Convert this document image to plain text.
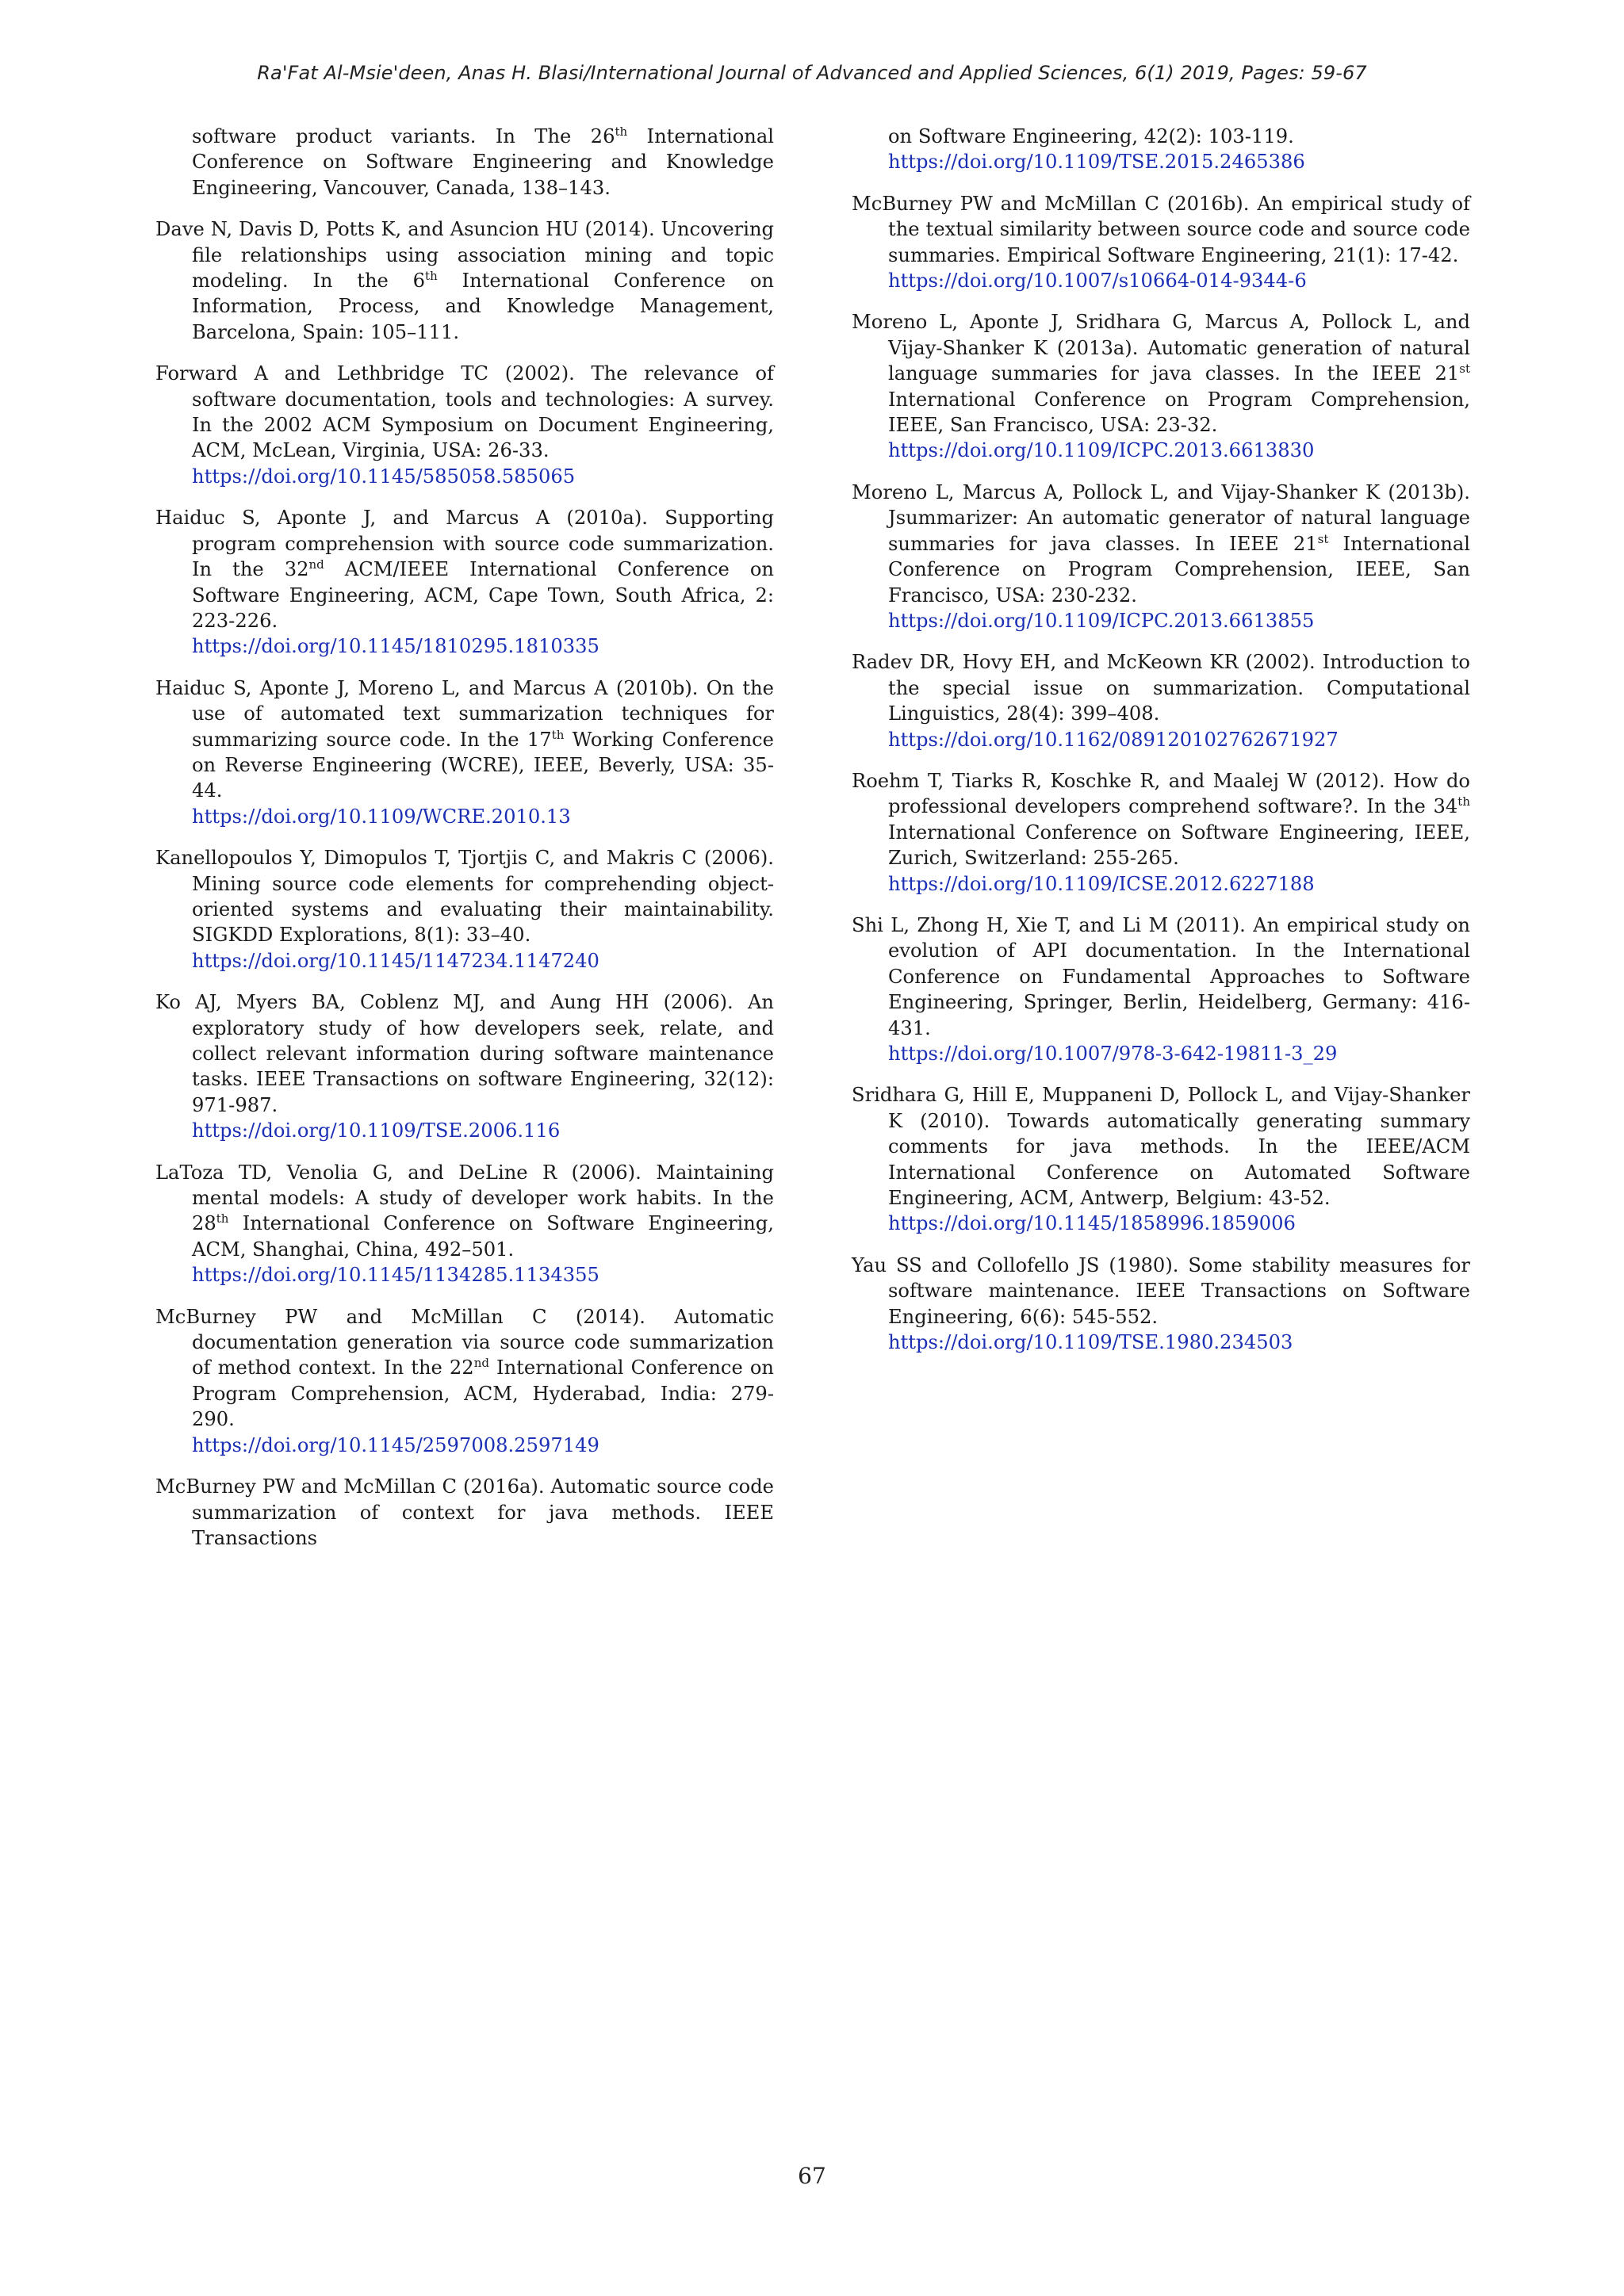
Ra'Fat Al-Msie'deen, Anas H. Blasi/International Journal of Advanced and Applied Sciences, 6(1) 2019, Pages: 59-67

software product variants. In The 26th International Conference on Software Engineering and Knowledge Engineering, Vancouver, Canada, 138–143.

Dave N, Davis D, Potts K, and Asuncion HU (2014). Uncovering file relationships using association mining and topic modeling. In the 6th International Conference on Information, Process, and Knowledge Management, Barcelona, Spain: 105–111.

Forward A and Lethbridge TC (2002). The relevance of software documentation, tools and technologies: A survey. In the 2002 ACM Symposium on Document Engineering, ACM, McLean, Virginia, USA: 26-33.
https://doi.org/10.1145/585058.585065

Haiduc S, Aponte J, and Marcus A (2010a). Supporting program comprehension with source code summarization. In the 32nd ACM/IEEE International Conference on Software Engineering, ACM, Cape Town, South Africa, 2: 223-226.
https://doi.org/10.1145/1810295.1810335

Haiduc S, Aponte J, Moreno L, and Marcus A (2010b). On the use of automated text summarization techniques for summarizing source code. In the 17th Working Conference on Reverse Engineering (WCRE), IEEE, Beverly, USA: 35-44.
https://doi.org/10.1109/WCRE.2010.13

Kanellopoulos Y, Dimopulos T, Tjortjis C, and Makris C (2006). Mining source code elements for comprehending object-oriented systems and evaluating their maintainability. SIGKDD Explorations, 8(1): 33–40.
https://doi.org/10.1145/1147234.1147240

Ko AJ, Myers BA, Coblenz MJ, and Aung HH (2006). An exploratory study of how developers seek, relate, and collect relevant information during software maintenance tasks. IEEE Transactions on software Engineering, 32(12): 971-987.
https://doi.org/10.1109/TSE.2006.116

LaToza TD, Venolia G, and DeLine R (2006). Maintaining mental models: A study of developer work habits. In the 28th International Conference on Software Engineering, ACM, Shanghai, China, 492–501.
https://doi.org/10.1145/1134285.1134355

McBurney PW and McMillan C (2014). Automatic documentation generation via source code summarization of method context. In the 22nd International Conference on Program Comprehension, ACM, Hyderabad, India: 279-290.
https://doi.org/10.1145/2597008.2597149

McBurney PW and McMillan C (2016a). Automatic source code summarization of context for java methods. IEEE Transactions

on Software Engineering, 42(2): 103-119.
https://doi.org/10.1109/TSE.2015.2465386

McBurney PW and McMillan C (2016b). An empirical study of the textual similarity between source code and source code summaries. Empirical Software Engineering, 21(1): 17-42.
https://doi.org/10.1007/s10664-014-9344-6

Moreno L, Aponte J, Sridhara G, Marcus A, Pollock L, and Vijay-Shanker K (2013a). Automatic generation of natural language summaries for java classes. In the IEEE 21st International Conference on Program Comprehension, IEEE, San Francisco, USA: 23-32.
https://doi.org/10.1109/ICPC.2013.6613830

Moreno L, Marcus A, Pollock L, and Vijay-Shanker K (2013b). Jsummarizer: An automatic generator of natural language summaries for java classes. In IEEE 21st International Conference on Program Comprehension, IEEE, San Francisco, USA: 230-232.
https://doi.org/10.1109/ICPC.2013.6613855

Radev DR, Hovy EH, and McKeown KR (2002). Introduction to the special issue on summarization. Computational Linguistics, 28(4): 399–408.
https://doi.org/10.1162/089120102762671927

Roehm T, Tiarks R, Koschke R, and Maalej W (2012). How do professional developers comprehend software?. In the 34th International Conference on Software Engineering, IEEE, Zurich, Switzerland: 255-265.
https://doi.org/10.1109/ICSE.2012.6227188

Shi L, Zhong H, Xie T, and Li M (2011). An empirical study on evolution of API documentation. In the International Conference on Fundamental Approaches to Software Engineering, Springer, Berlin, Heidelberg, Germany: 416-431.
https://doi.org/10.1007/978-3-642-19811-3_29

Sridhara G, Hill E, Muppaneni D, Pollock L, and Vijay-Shanker K (2010). Towards automatically generating summary comments for java methods. In the IEEE/ACM International Conference on Automated Software Engineering, ACM, Antwerp, Belgium: 43-52.
https://doi.org/10.1145/1858996.1859006

Yau SS and Collofello JS (1980). Some stability measures for software maintenance. IEEE Transactions on Software Engineering, 6(6): 545-552.
https://doi.org/10.1109/TSE.1980.234503

67
